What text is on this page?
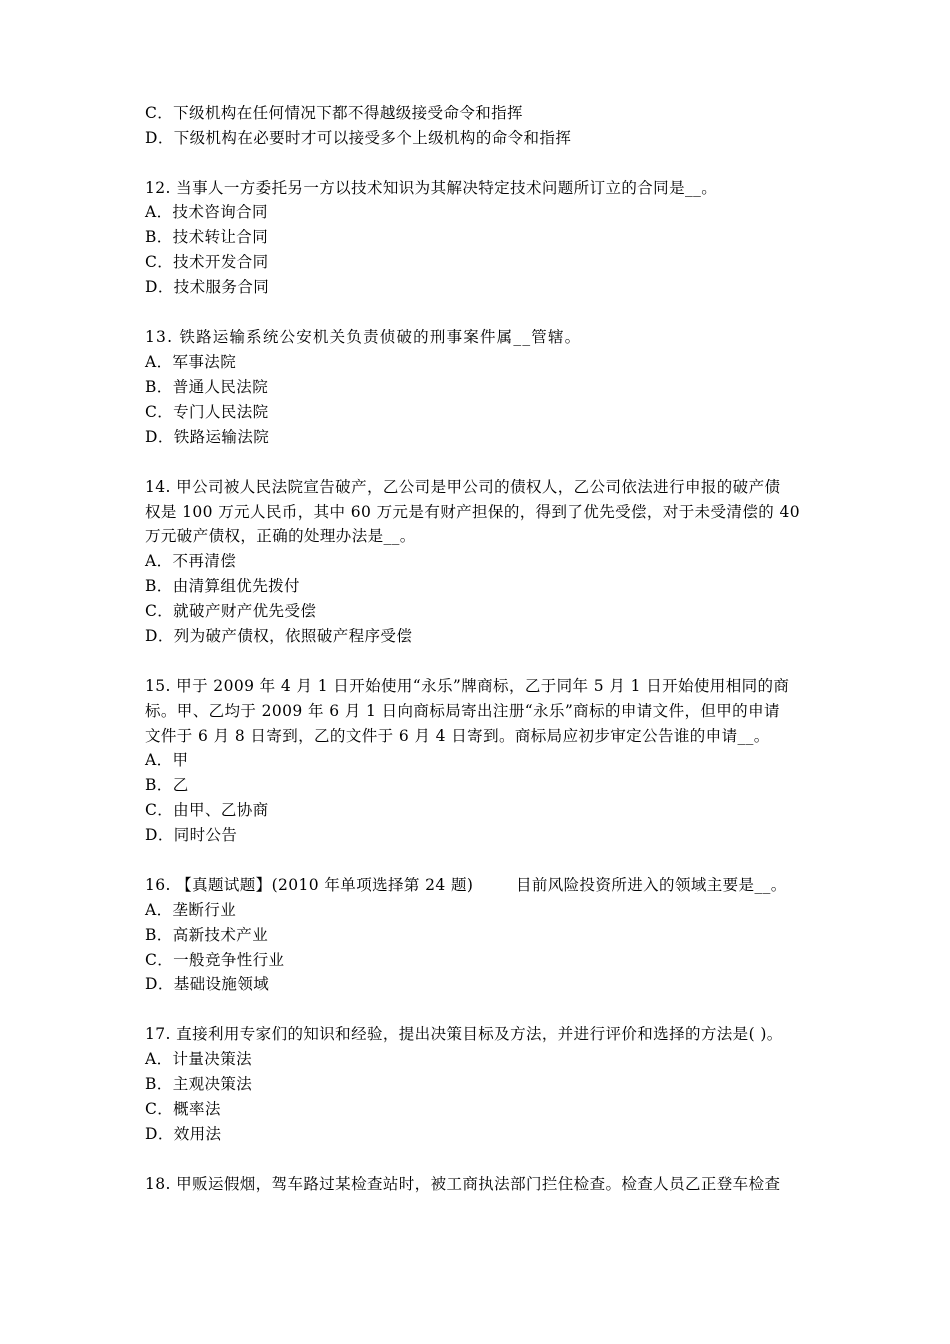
C．下级机构在任何情况下都不得越级接受命令和指挥
D．下级机构在必要时才可以接受多个上级机构的命令和指挥
12. 当事人一方委托另一方以技术知识为其解决特定技术问题所订立的合同是__。
A．技术咨询合同
B．技术转让合同
C．技术开发合同
D．技术服务合同
13. 铁路运输系统公安机关负责侦破的刑事案件属__管辖。
A．军事法院
B．普通人民法院
C．专门人民法院
D．铁路运输法院
14. 甲公司被人民法院宣告破产，乙公司是甲公司的债权人，乙公司依法进行申报的破产债
权是 100 万元人民币，其中 60 万元是有财产担保的，得到了优先受偿，对于未受清偿的 40
万元破产债权，正确的处理办法是__。
A．不再清偿
B．由清算组优先拨付
C．就破产财产优先受偿
D．列为破产债权，依照破产程序受偿
15. 甲于 2009 年 4 月 1 日开始使用“永乐”牌商标，乙于同年 5 月 1 日开始使用相同的商
标。甲、乙均于 2009 年 6 月 1 日向商标局寄出注册“永乐”商标的申请文件，但甲的申请
文件于 6 月 8 日寄到，乙的文件于 6 月 4 日寄到。商标局应初步审定公告谁的申请__。
A．甲
B．乙
C．由甲、乙协商
D．同时公告
16. 【真题试题】(2010 年单项选择第 24 题)        目前风险投资所进入的领域主要是__。
A．垄断行业
B．高新技术产业
C．一般竞争性行业
D．基础设施领域
17. 直接利用专家们的知识和经验，提出决策目标及方法，并进行评价和选择的方法是( )。
A．计量决策法
B．主观决策法
C．概率法
D．效用法
18. 甲贩运假烟，驾车路过某检查站时，被工商执法部门拦住检查。检查人员乙正登车检查
